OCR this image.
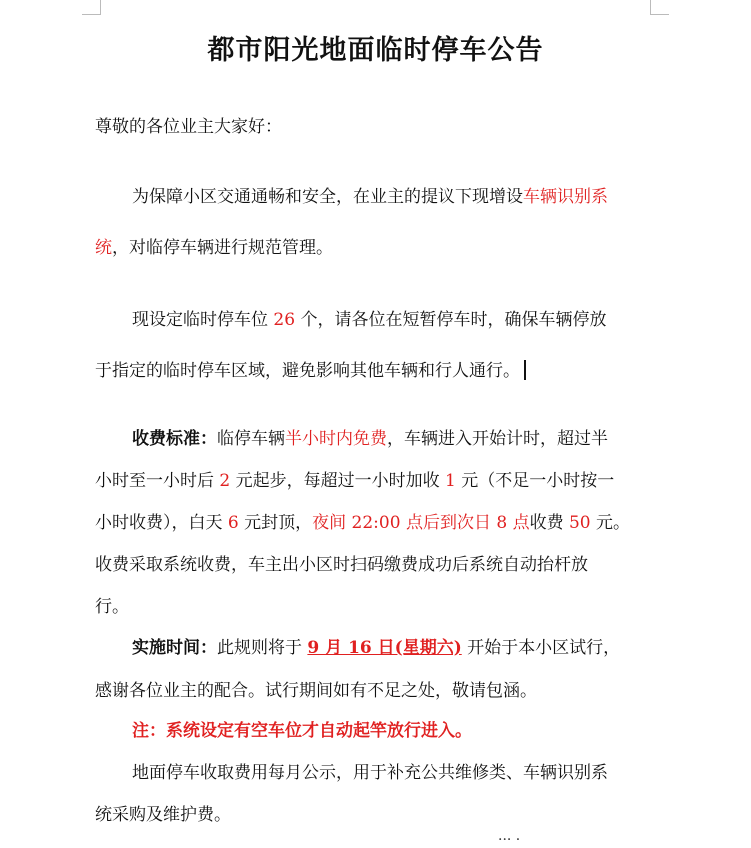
都市阳光地面临时停车公告
尊敬的各位业主大家好：
为保障小区交通通畅和安全，在业主的提议下现增设车辆识别系
统，对临停车辆进行规范管理。
现设定临时停车位 26 个，请各位在短暂停车时，确保车辆停放
于指定的临时停车区域，避免影响其他车辆和行人通行。
收费标准：临停车辆半小时内免费，车辆进入开始计时，超过半
小时至一小时后 2 元起步，每超过一小时加收 1 元（不足一小时按一
小时收费），白天 6 元封顶，夜间 22:00 点后到次日 8 点收费 50 元。
收费采取系统收费，车主出小区时扫码缴费成功后系统自动抬杆放
行。
实施时间：此规则将于 9 月 16 日(星期六) 开始于本小区试行，
感谢各位业主的配合。试行期间如有不足之处，敬请包涵。
注：系统设定有空车位才自动起竿放行进入。
地面停车收取费用每月公示，用于补充公共维修类、车辆识别系
统采购及维护费。
··· ·
